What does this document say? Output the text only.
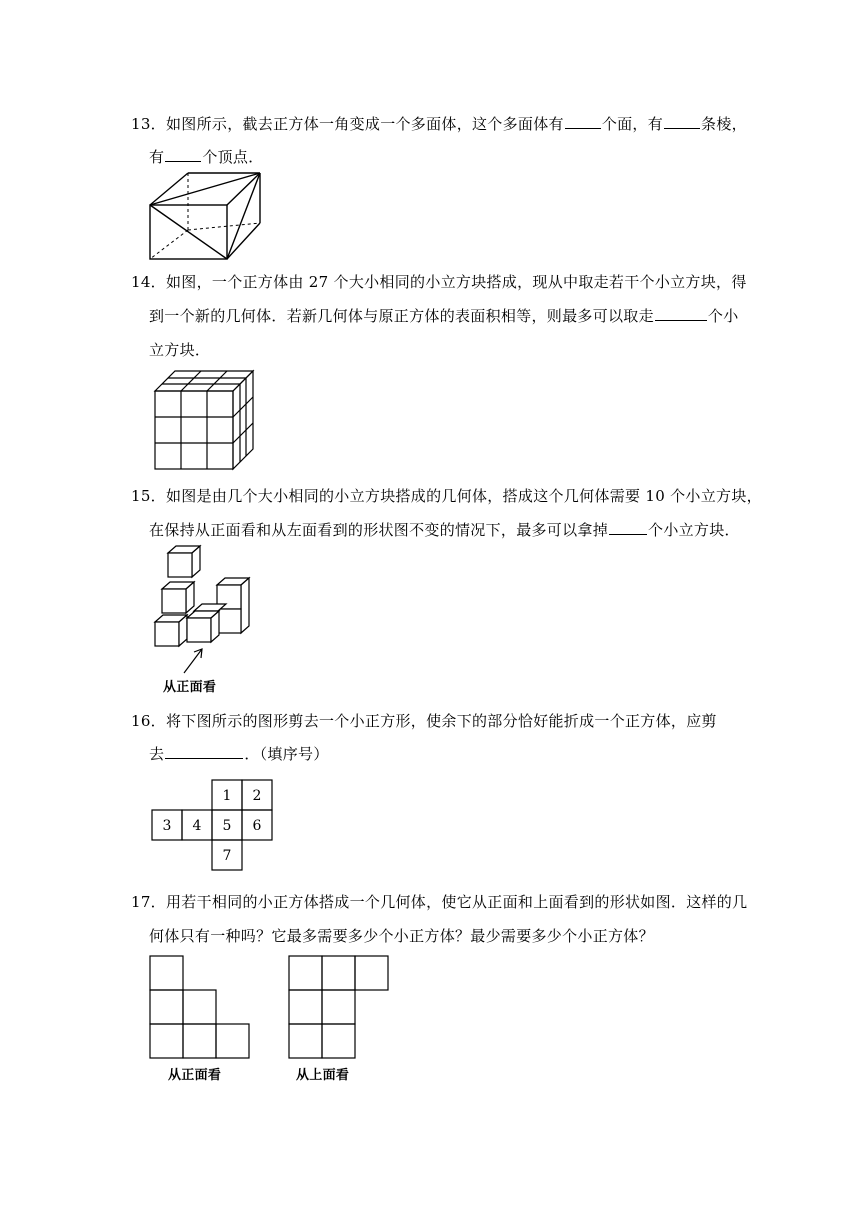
13．如图所示，截去正方体一角变成一个多面体，这个多面体有	个面，有	条棱，
有	个顶点．
14．如图，一个正方体由 27 个大小相同的小立方块搭成，现从中取走若干个小立方块，得
到一个新的几何体．若新几何体与原正方体的表面积相等，则最多可以取走	个小
立方块．
15．如图是由几个大小相同的小立方块搭成的几何体，搭成这个几何体需要 10 个小立方块，
在保持从正面看和从左面看到的形状图不变的情况下，最多可以拿掉	个小立方块．
从正面看
16．将下图所示的图形剪去一个小正方形，使余下的部分恰好能折成一个正方体，应剪
去	．（填序号）
1 2
3 4 5 6
7
17．用若干相同的小正方体搭成一个几何体，使它从正面和上面看到的形状如图．这样的几
何体只有一种吗？它最多需要多少个小正方体？最少需要多少个小正方体？
从正面看	从上面看
